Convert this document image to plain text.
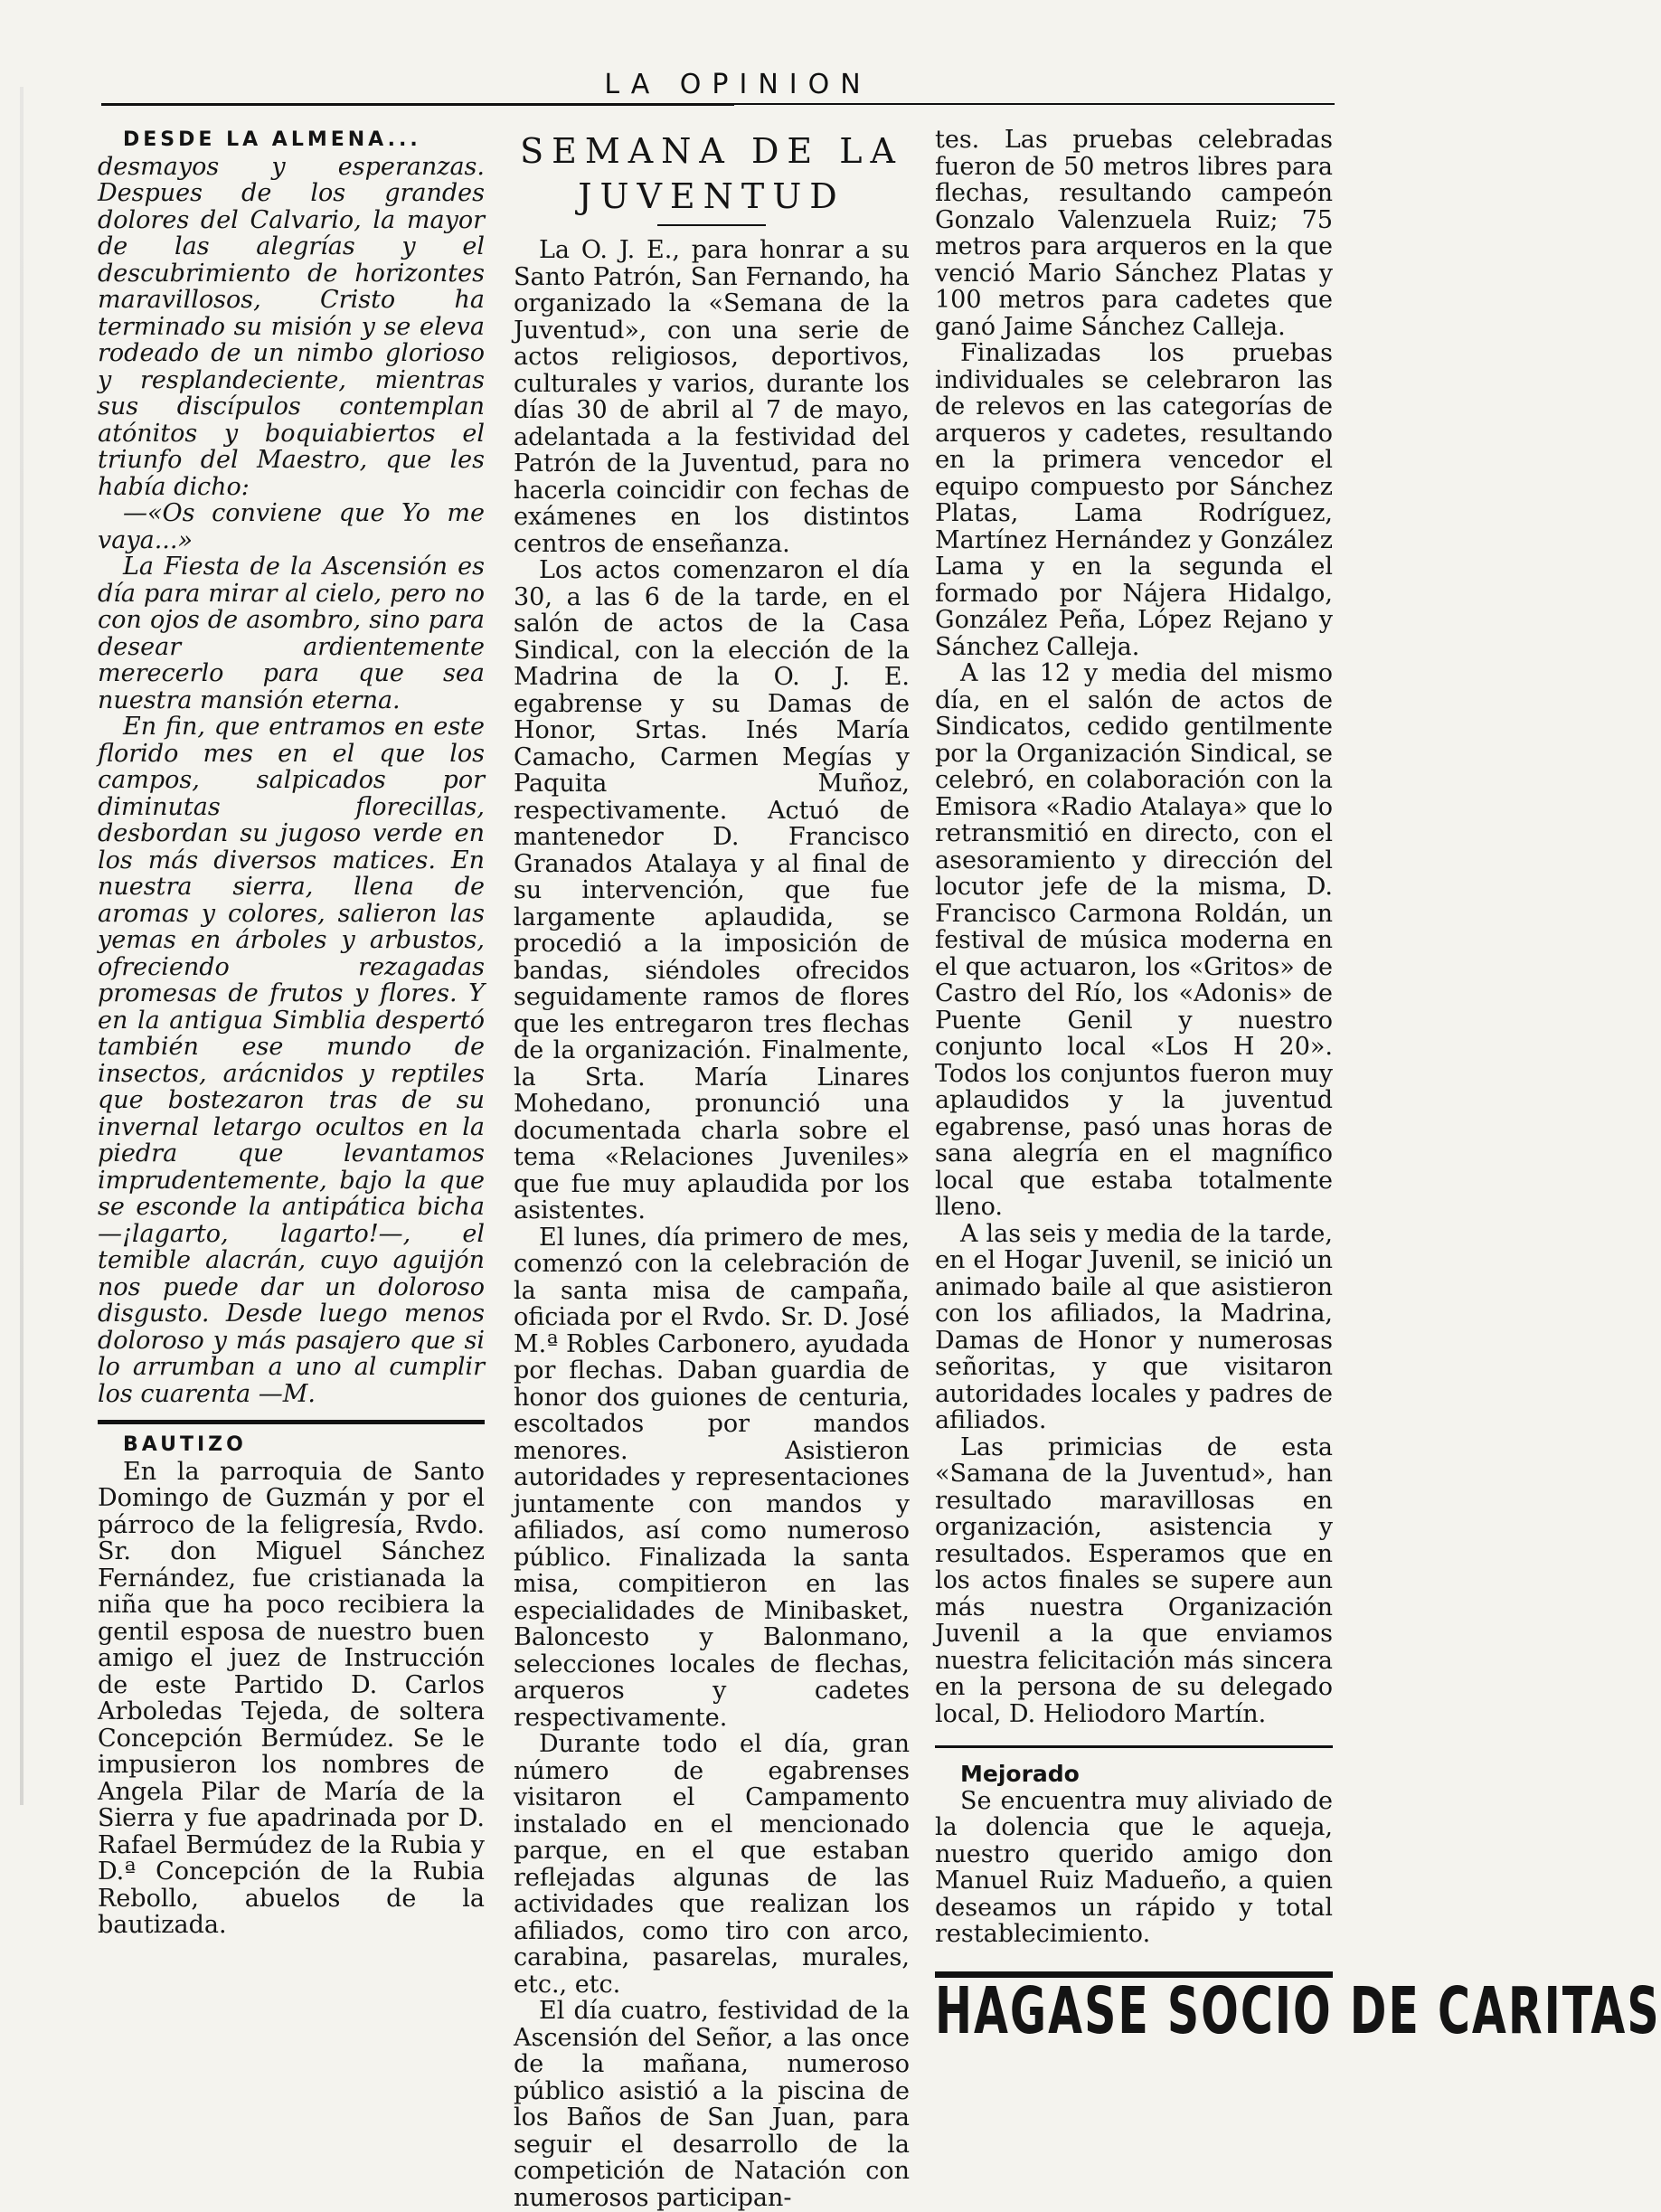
LA OPINION

DESDE LA ALMENA...

desmayos y esperanzas. Despues de los grandes dolores del Calvario, la mayor de las alegrías y el descubrimiento de horizontes maravillosos, Cristo ha terminado su misión y se eleva rodeado de un nimbo glorioso y resplandeciente, mientras sus discípulos contemplan atónitos y boquiabiertos el triunfo del Maestro, que les había dicho:

—«Os conviene que Yo me vaya...»

La Fiesta de la Ascensión es día para mirar al cielo, pero no con ojos de asombro, sino para desear ardientemente merecerlo para que sea nuestra mansión eterna.

En fin, que entramos en este florido mes en el que los campos, salpicados por diminutas florecillas, desbordan su jugoso verde en los más diversos matices. En nuestra sierra, llena de aromas y colores, salieron las yemas en árboles y arbustos, ofreciendo rezagadas promesas de frutos y flores. Y en la antigua Simblia despertó también ese mundo de insectos, arácnidos y reptiles que bostezaron tras de su invernal letargo ocultos en la piedra que levantamos imprudentemente, bajo la que se esconde la antipática bicha—¡lagarto, lagarto!—, el temible alacrán, cuyo aguijón nos puede dar un doloroso disgusto. Desde luego menos doloroso y más pasajero que si lo arrumban a uno al cumplir los cuarenta —M.

BAUTIZO

En la parroquia de Santo Domingo de Guzmán y por el párroco de la feligresía, Rvdo. Sr. don Miguel Sánchez Fernández, fue cristianada la niña que ha poco recibiera la gentil esposa de nuestro buen amigo el juez de Instrucción de este Partido D. Carlos Arboledas Tejeda, de soltera Concepción Bermúdez. Se le impusieron los nombres de Angela Pilar de María de la Sierra y fue apadrinada por D. Rafael Bermúdez de la Rubia y D.ª Concepción de la Rubia Rebollo, abuelos de la bautizada.

SEMANA DE LA JUVENTUD

La O. J. E., para honrar a su Santo Patrón, San Fernando, ha organizado la «Semana de la Juventud», con una serie de actos religiosos, deportivos, culturales y varios, durante los días 30 de abril al 7 de mayo, adelantada a la festividad del Patrón de la Juventud, para no hacerla coincidir con fechas de exámenes en los distintos centros de enseñanza.

Los actos comenzaron el día 30, a las 6 de la tarde, en el salón de actos de la Casa Sindical, con la elección de la Madrina de la O. J. E. egabrense y su Damas de Honor, Srtas. Inés María Camacho, Carmen Megías y Paquita Muñoz, respectivamente. Actuó de mantenedor D. Francisco Granados Atalaya y al final de su intervención, que fue largamente aplaudida, se procedió a la imposición de bandas, siéndoles ofrecidos seguidamente ramos de flores que les entregaron tres flechas de la organización. Finalmente, la Srta. María Linares Mohedano, pronunció una documentada charla sobre el tema «Relaciones Juveniles» que fue muy aplaudida por los asistentes.

El lunes, día primero de mes, comenzó con la celebración de la santa misa de campaña, oficiada por el Rvdo. Sr. D. José M.ª Robles Carbonero, ayudada por flechas. Daban guardia de honor dos guiones de centuria, escoltados por mandos menores. Asistieron autoridades y representaciones juntamente con mandos y afiliados, así como numeroso público. Finalizada la santa misa, compitieron en las especialidades de Minibasket, Baloncesto y Balonmano, selecciones locales de flechas, arqueros y cadetes respectivamente.

Durante todo el día, gran número de egabrenses visitaron el Campamento instalado en el mencionado parque, en el que estaban reflejadas algunas de las actividades que realizan los afiliados, como tiro con arco, carabina, pasarelas, murales, etc., etc.

El día cuatro, festividad de la Ascensión del Señor, a las once de la mañana, numeroso público asistió a la piscina de los Baños de San Juan, para seguir el desarrollo de la competición de Natación con numerosos participan-

tes. Las pruebas celebradas fueron de 50 metros libres para flechas, resultando campeón Gonzalo Valenzuela Ruiz; 75 metros para arqueros en la que venció Mario Sánchez Platas y 100 metros para cadetes que ganó Jaime Sánchez Calleja.

Finalizadas los pruebas individuales se celebraron las de relevos en las categorías de arqueros y cadetes, resultando en la primera vencedor el equipo compuesto por Sánchez Platas, Lama Rodríguez, Martínez Hernández y González Lama y en la segunda el formado por Nájera Hidalgo, González Peña, López Rejano y Sánchez Calleja.

A las 12 y media del mismo día, en el salón de actos de Sindicatos, cedido gentilmente por la Organización Sindical, se celebró, en colaboración con la Emisora «Radio Atalaya» que lo retransmitió en directo, con el asesoramiento y dirección del locutor jefe de la misma, D. Francisco Carmona Roldán, un festival de música moderna en el que actuaron, los «Gritos» de Castro del Río, los «Adonis» de Puente Genil y nuestro conjunto local «Los H 20». Todos los conjuntos fueron muy aplaudidos y la juventud egabrense, pasó unas horas de sana alegría en el magnífico local que estaba totalmente lleno.

A las seis y media de la tarde, en el Hogar Juvenil, se inició un animado baile al que asistieron con los afiliados, la Madrina, Damas de Honor y numerosas señoritas, y que visitaron autoridades locales y padres de afiliados.

Las primicias de esta «Samana de la Juventud», han resultado maravillosas en organización, asistencia y resultados. Esperamos que en los actos finales se supere aun más nuestra Organización Juvenil a la que enviamos nuestra felicitación más sincera en la persona de su delegado local, D. Heliodoro Martín.

Mejorado

Se encuentra muy aliviado de la dolencia que le aqueja, nuestro querido amigo don Manuel Ruiz Madueño, a quien deseamos un rápido y total restablecimiento.

HAGASE SOCIO DE CARITAS
